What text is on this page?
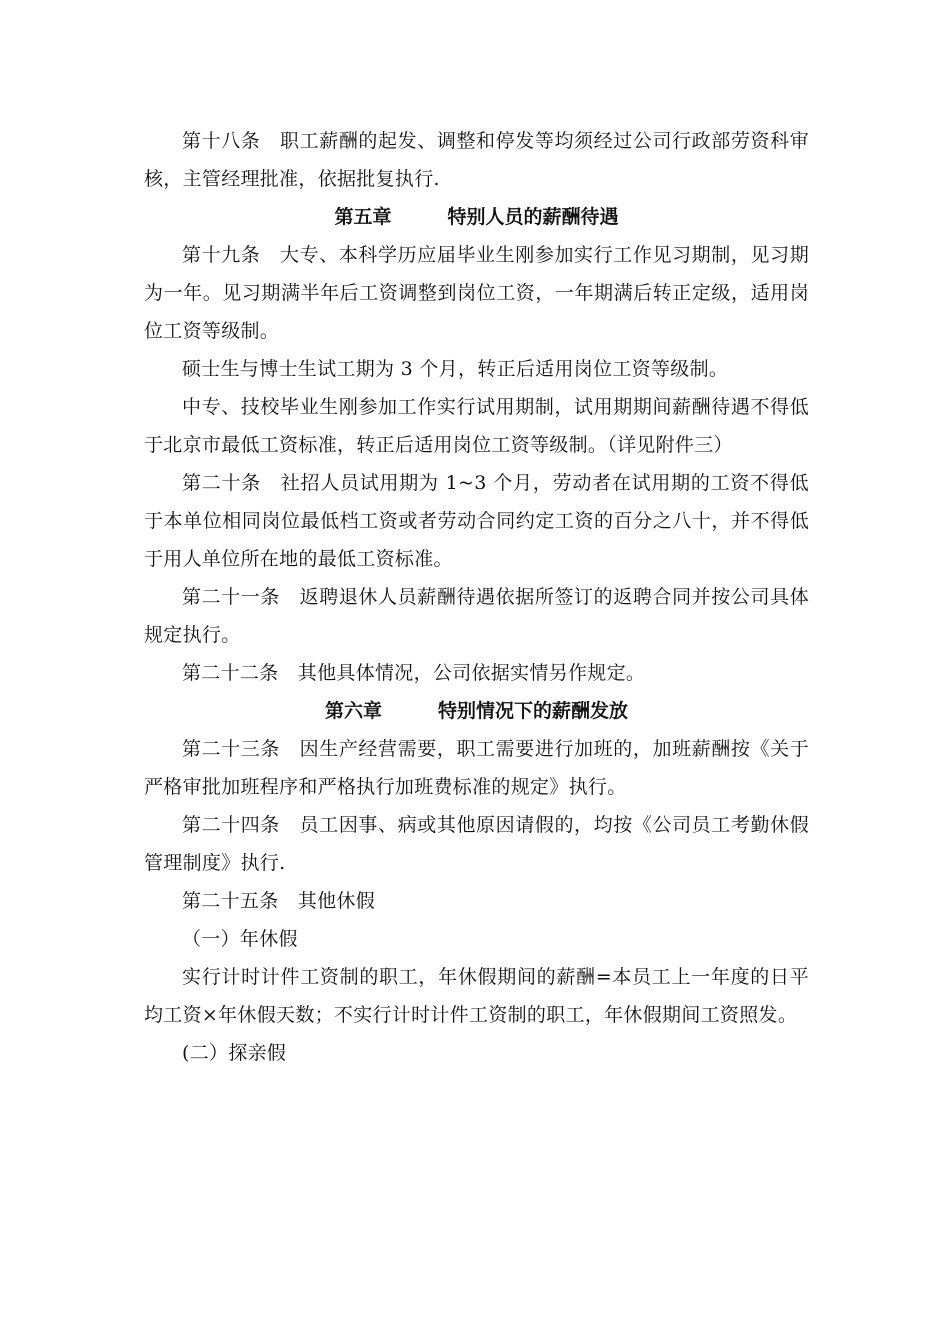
第十八条　职工薪酬的起发、调整和停发等均须经过公司行政部劳资科审核，主管经理批准，依据批复执行.

第五章	特别人员的薪酬待遇

第十九条　大专、本科学历应届毕业生刚参加实行工作见习期制，见习期为一年。见习期满半年后工资调整到岗位工资，一年期满后转正定级，适用岗位工资等级制。

硕士生与博士生试工期为 3 个月，转正后适用岗位工资等级制。

中专、技校毕业生刚参加工作实行试用期制，试用期期间薪酬待遇不得低于北京市最低工资标准，转正后适用岗位工资等级制。（详见附件三）

第二十条　社招人员试用期为 1~3 个月，劳动者在试用期的工资不得低于本单位相同岗位最低档工资或者劳动合同约定工资的百分之八十，并不得低于用人单位所在地的最低工资标准。

第二十一条　返聘退休人员薪酬待遇依据所签订的返聘合同并按公司具体规定执行。

第二十二条　其他具体情况，公司依据实情另作规定。

第六章	特别情况下的薪酬发放

第二十三条　因生产经营需要，职工需要进行加班的，加班薪酬按《关于严格审批加班程序和严格执行加班费标准的规定》执行。

第二十四条　员工因事、病或其他原因请假的，均按《公司员工考勤休假管理制度》执行.

第二十五条　其他休假

（一）年休假

实行计时计件工资制的职工，年休假期间的薪酬=本员工上一年度的日平均工资×年休假天数；不实行计时计件工资制的职工，年休假期间工资照发。

(二）探亲假
